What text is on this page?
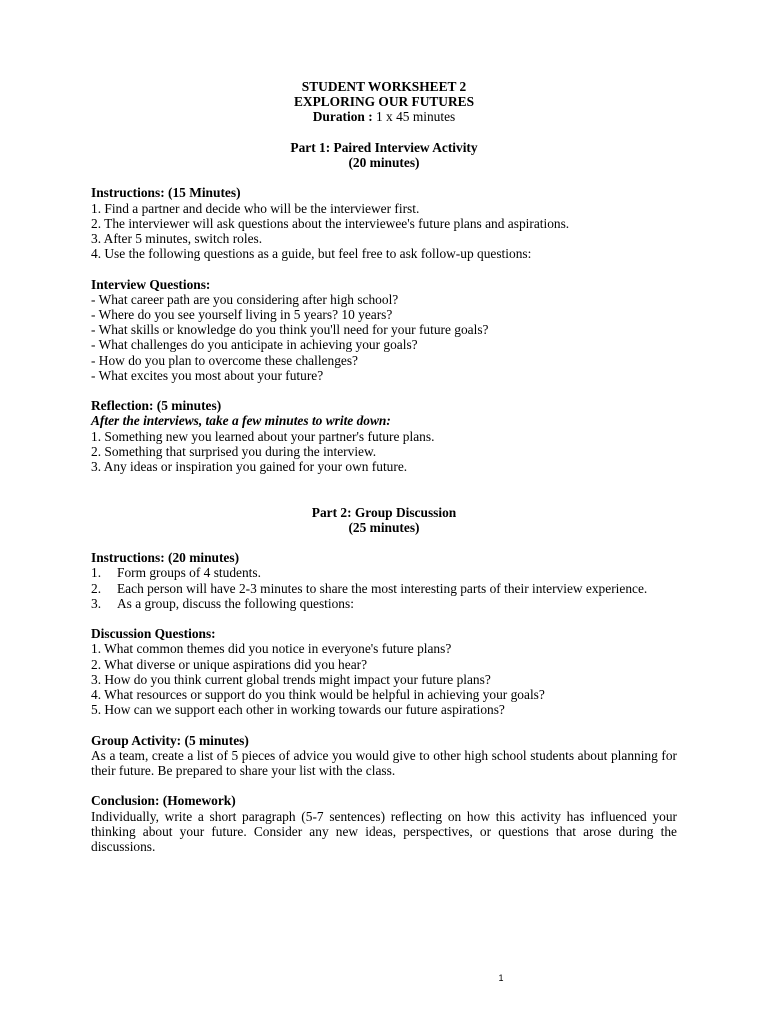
STUDENT WORKSHEET 2
EXPLORING OUR FUTURES
Duration : 1 x 45 minutes
Part 1: Paired Interview Activity
(20 minutes)
Instructions: (15 Minutes)
1. Find a partner and decide who will be the interviewer first.
2. The interviewer will ask questions about the interviewee's future plans and aspirations.
3. After 5 minutes, switch roles.
4. Use the following questions as a guide, but feel free to ask follow-up questions:
Interview Questions:
- What career path are you considering after high school?
- Where do you see yourself living in 5 years? 10 years?
- What skills or knowledge do you think you'll need for your future goals?
- What challenges do you anticipate in achieving your goals?
- How do you plan to overcome these challenges?
- What excites you most about your future?
Reflection: (5 minutes)
After the interviews, take a few minutes to write down:
1. Something new you learned about your partner's future plans.
2. Something that surprised you during the interview.
3. Any ideas or inspiration you gained for your own future.
Part 2: Group Discussion
(25 minutes)
Instructions: (20 minutes)
1.	Form groups of 4 students.
2.	Each person will have 2-3 minutes to share the most interesting parts of their interview experience.
3.	As a group, discuss the following questions:
Discussion Questions:
1. What common themes did you notice in everyone's future plans?
2. What diverse or unique aspirations did you hear?
3. How do you think current global trends might impact your future plans?
4. What resources or support do you think would be helpful in achieving your goals?
5. How can we support each other in working towards our future aspirations?
Group Activity: (5 minutes)
As a team, create a list of 5 pieces of advice you would give to other high school students about planning for their future. Be prepared to share your list with the class.
Conclusion: (Homework)
Individually, write a short paragraph (5-7 sentences) reflecting on how this activity has influenced your thinking about your future. Consider any new ideas, perspectives, or questions that arose during the discussions.
1
